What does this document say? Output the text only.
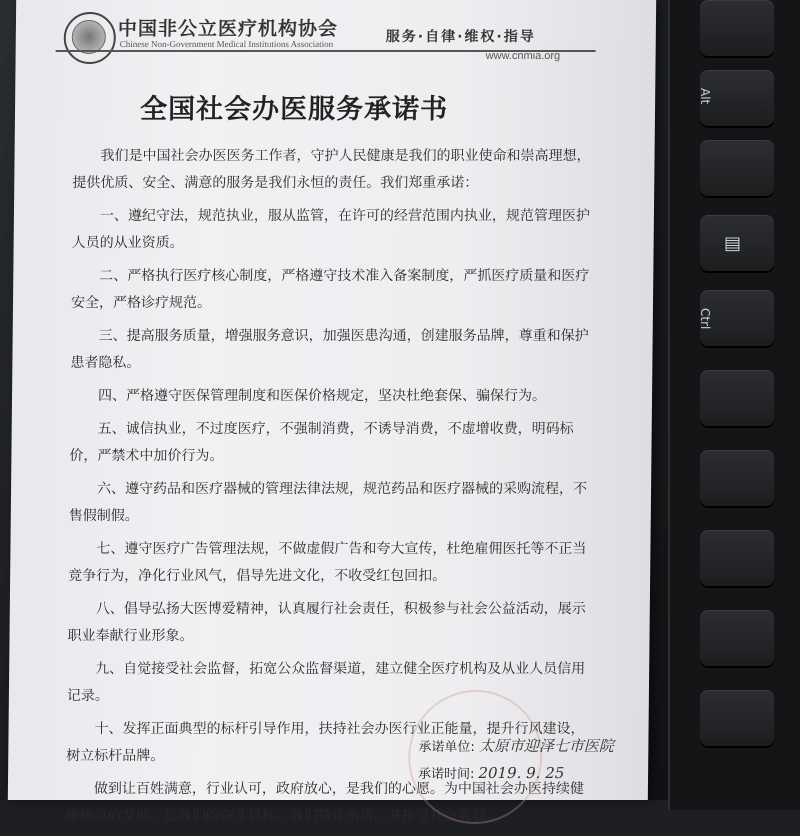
Alt
▤
Ctrl
中国非公立医疗机构协会
Chinese Non-Government Medical Institutions Association	服务·自律·维权·指导
www.cnmia.org
全国社会办医服务承诺书

我们是中国社会办医医务工作者，守护人民健康是我们的职业使命和崇高理想，提供优质、安全、满意的服务是我们永恒的责任。我们郑重承诺：

一、遵纪守法，规范执业，服从监管，在许可的经营范围内执业，规范管理医护人员的从业资质。

二、严格执行医疗核心制度，严格遵守技术准入备案制度，严抓医疗质量和医疗安全，严格诊疗规范。

三、提高服务质量，增强服务意识，加强医患沟通，创建服务品牌，尊重和保护患者隐私。

四、严格遵守医保管理制度和医保价格规定，坚决杜绝套保、骗保行为。

五、诚信执业，不过度医疗，不强制消费，不诱导消费，不虚增收费，明码标价，严禁术中加价行为。

六、遵守药品和医疗器械的管理法律法规，规范药品和医疗器械的采购流程，不售假制假。

七、遵守医疗广告管理法规，不做虚假广告和夸大宣传，杜绝雇佣医托等不正当竞争行为，净化行业风气，倡导先进文化，不收受红包回扣。

八、倡导弘扬大医博爱精神，认真履行社会责任，积极参与社会公益活动，展示职业奉献行业形象。

九、自觉接受社会监督，拓宽公众监督渠道，建立健全医疗机构及从业人员信用记录。

十、发挥正面典型的标杆引导作用，扶持社会办医行业正能量，提升行风建设，树立标杆品牌。

做到让百姓满意，行业认可，政府放心，是我们的心愿。为中国社会办医持续健康规范的发展，是我们的奋斗目标。我们特作承诺，并接受社会监督。

承诺单位: 太原市迎泽七市医院
承诺时间: 2019. 9. 25
